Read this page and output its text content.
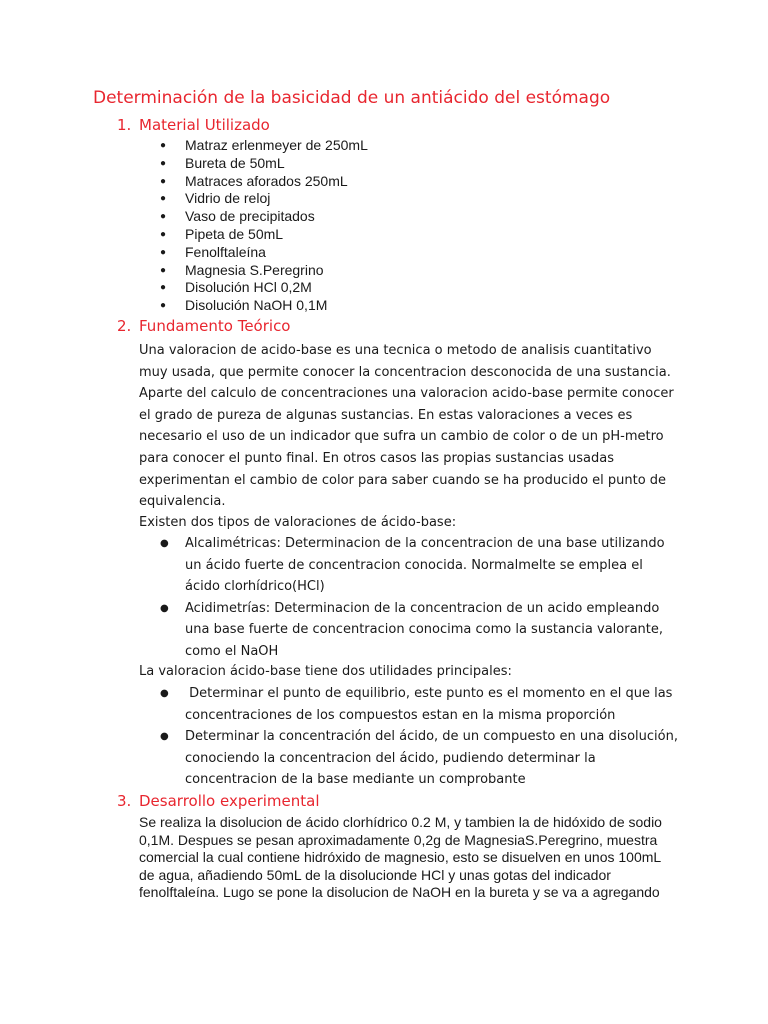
Determinación de la basicidad de un antiácido del estómago
1. Material Utilizado
● Matraz erlenmeyer de 250mL
● Bureta de 50mL
● Matraces aforados 250mL
● Vidrio de reloj
● Vaso de precipitados
● Pipeta de 50mL
● Fenolftaleína
● Magnesia S.Peregrino
● Disolución HCl 0,2M
● Disolución NaOH 0,1M
2. Fundamento Teórico

Una valoracion de acido-base es una tecnica o metodo de analisis cuantitativo muy usada, que permite conocer la concentracion desconocida de una sustancia. Aparte del calculo de concentraciones una valoracion acido-base permite conocer el grado de pureza de algunas sustancias. En estas valoraciones a veces es necesario el uso de un indicador que sufra un cambio de color o de un pH-metro para conocer el punto final. En otros casos las propias sustancias usadas experimentan el cambio de color para saber cuando se ha producido el punto de equivalencia.

Existen dos tipos de valoraciones de ácido-base:

● Alcalimétricas: Determinacion de la concentracion de una base utilizando un ácido fuerte de concentracion conocida. Normalmelte se emplea el ácido clorhídrico(HCl)
● Acidimetrías: Determinacion de la concentracion de un acido empleando una base fuerte de concentracion conocima como la sustancia valorante, como el NaOH

La valoracion ácido-base tiene dos utilidades principales:

● Determinar el punto de equilibrio, este punto es el momento en el que las concentraciones de los compuestos estan en la misma proporción
● Determinar la concentración del ácido, de un compuesto en una disolución, conociendo la concentracion del ácido, pudiendo determinar la concentracion de la base mediante un comprobante
3. Desarrollo experimental

Se realiza la disolucion de ácido clorhídrico 0.2 M, y tambien la de hidóxido de sodio 0,1M. Despues se pesan aproximadamente 0,2g de MagnesiaS.Peregrino, muestra comercial la cual contiene hidróxido de magnesio, esto se disuelven en unos 100mL de agua, añadiendo 50mL de la disolucionde HCl y unas gotas del indicador fenolftaleína. Lugo se pone la disolucion de NaOH en la bureta y se va a agregando
